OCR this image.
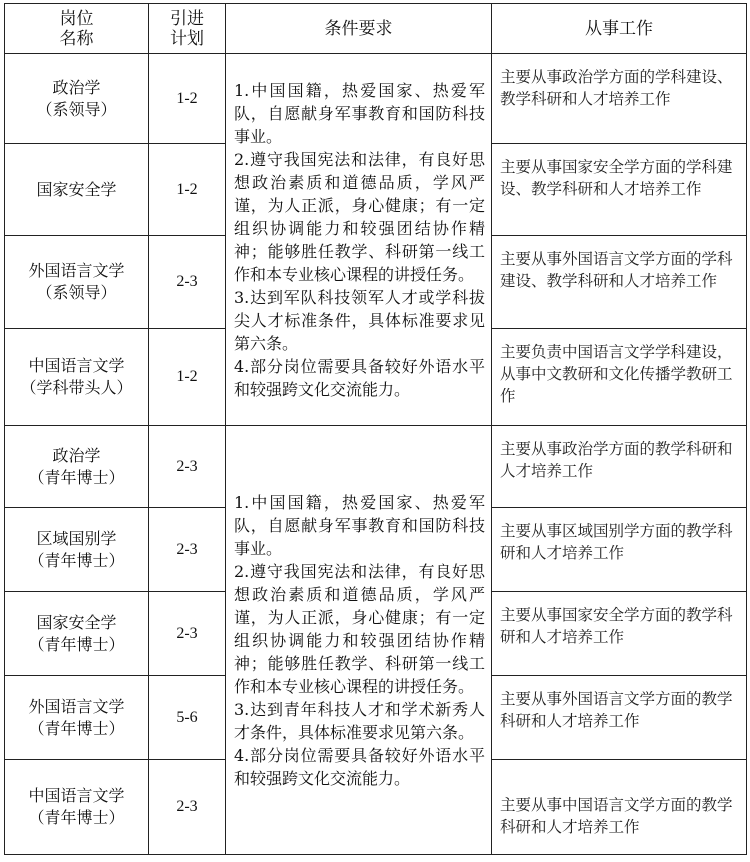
岗位
名称	引进
计划	条件要求	从事工作

政治学
（系领导）	1-2	1.中国国籍，热爱国家、热爱军队，自愿献身军事教育和国防科技事业。
2.遵守我国宪法和法律，有良好思想政治素质和道德品质，学风严谨，为人正派，身心健康；有一定组织协调能力和较强团结协作精神；能够胜任教学、科研第一线工作和本专业核心课程的讲授任务。
3.达到军队科技领军人才或学科拔尖人才标准条件，具体标准要求见第六条。
4.部分岗位需要具备较好外语水平和较强跨文化交流能力。	主要从事政治学方面的学科建设、教学科研和人才培养工作

国家安全学	1-2		主要从事国家安全学方面的学科建设、教学科研和人才培养工作

外国语言文学
（系领导）	2-3		主要从事外国语言文学方面的学科建设、教学科研和人才培养工作

中国语言文学
（学科带头人）	1-2		主要负责中国语言文学学科建设，从事中文教研和文化传播学教研工作

政治学
（青年博士）	2-3	1.中国国籍，热爱国家、热爱军队，自愿献身军事教育和国防科技事业。
2.遵守我国宪法和法律，有良好思想政治素质和道德品质，学风严谨，为人正派，身心健康；有一定组织协调能力和较强团结协作精神；能够胜任教学、科研第一线工作和本专业核心课程的讲授任务。
3.达到青年科技人才和学术新秀人才条件，具体标准要求见第六条。
4.部分岗位需要具备较好外语水平和较强跨文化交流能力。	主要从事政治学方面的教学科研和人才培养工作

区域国别学
（青年博士）	2-3		主要从事区域国别学方面的教学科研和人才培养工作

国家安全学
（青年博士）	2-3		主要从事国家安全学方面的教学科研和人才培养工作

外国语言文学
（青年博士）	5-6		主要从事外国语言文学方面的教学科研和人才培养工作

中国语言文学
（青年博士）	2-3		主要从事中国语言文学方面的教学科研和人才培养工作
